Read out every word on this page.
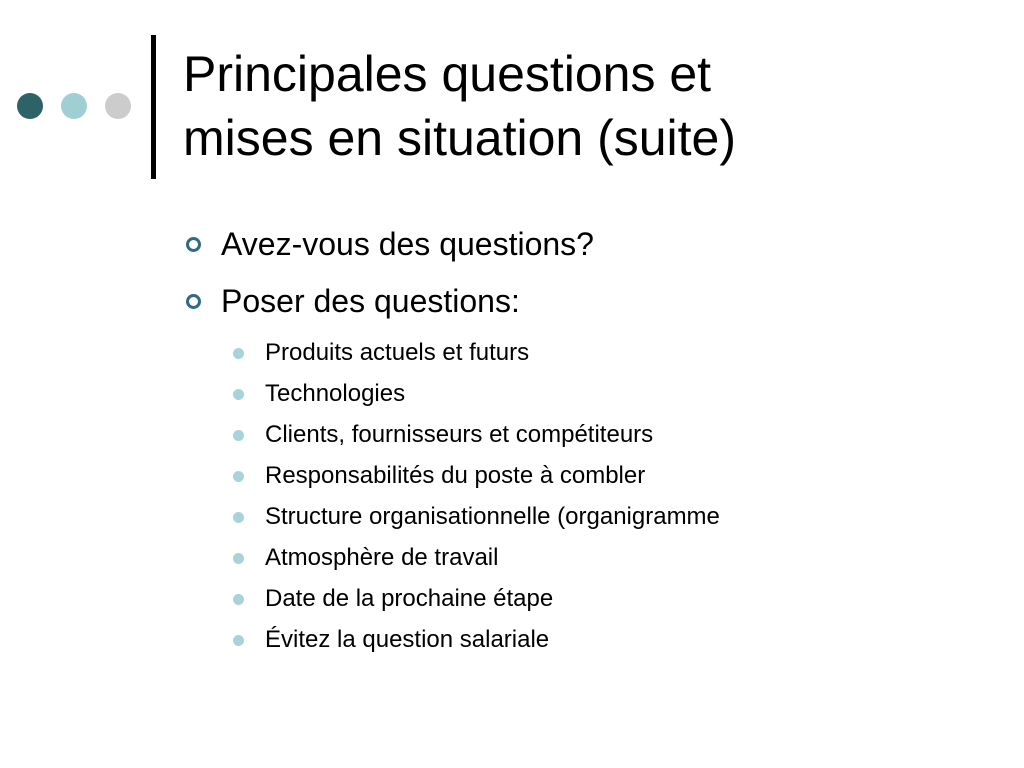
Principales questions et
mises en situation (suite)
Avez-vous des questions?
Poser des questions:
Produits actuels et futurs
Technologies
Clients, fournisseurs et compétiteurs
Responsabilités du poste à combler
Structure organisationnelle (organigramme
Atmosphère de travail
Date de la prochaine étape
Évitez la question salariale
